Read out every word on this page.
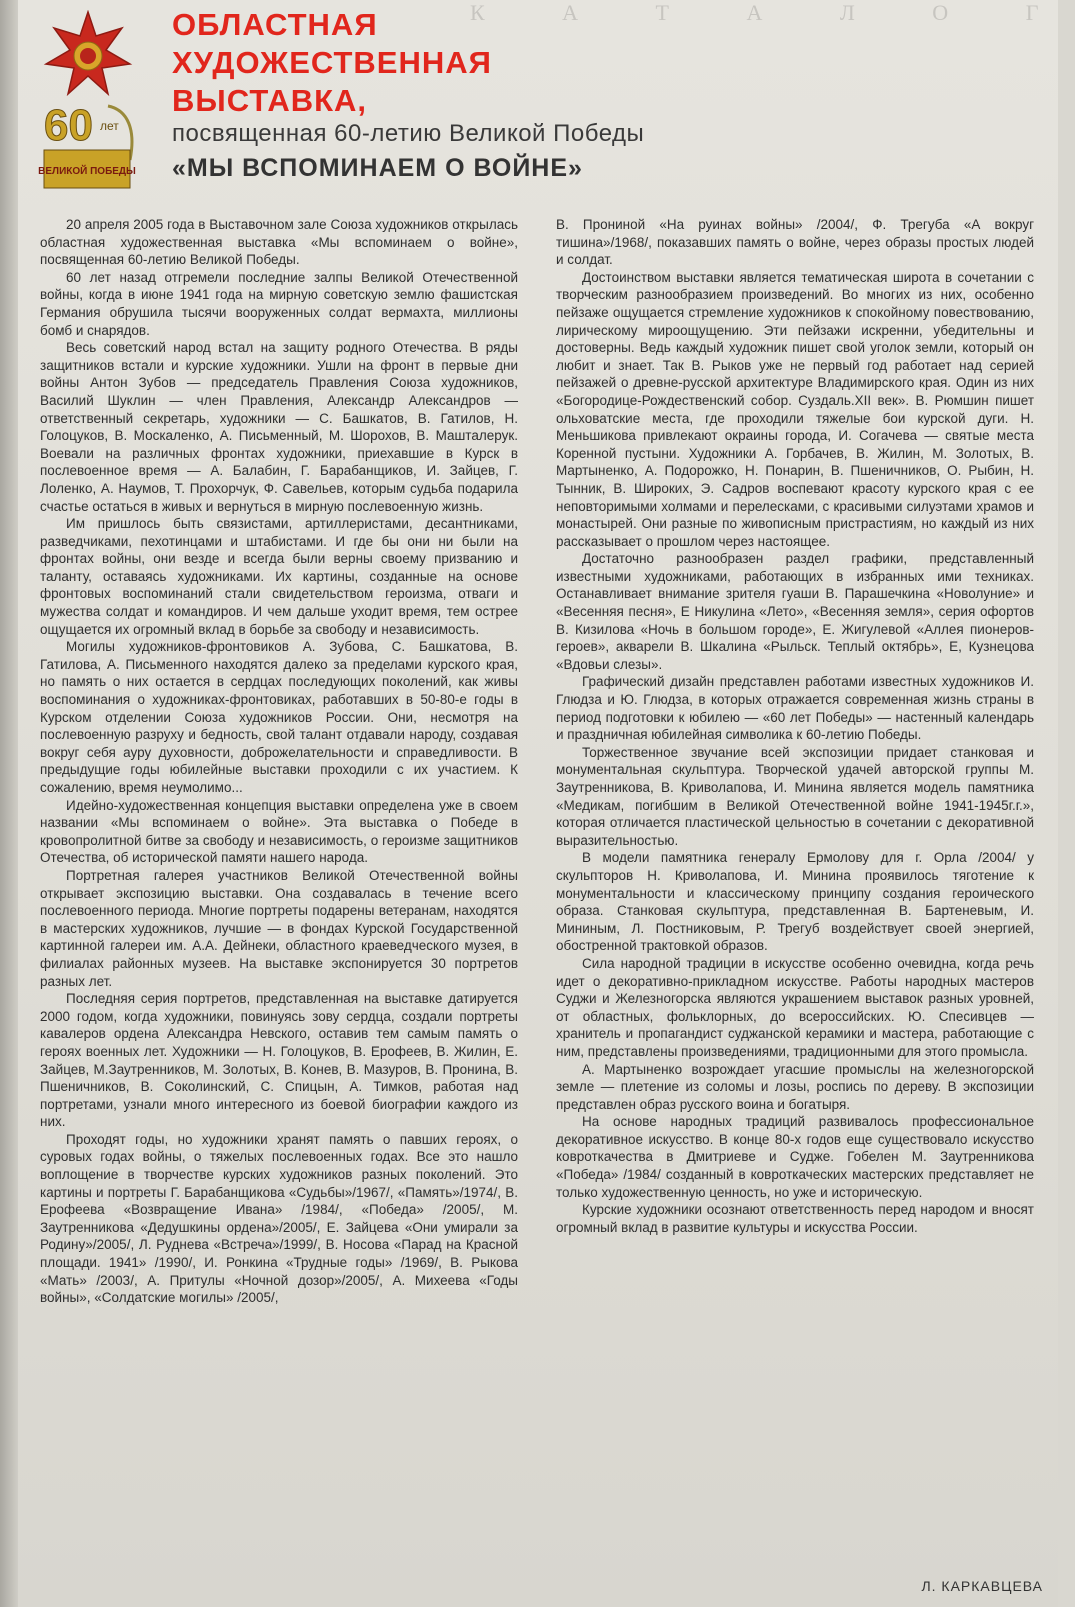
К А Т А Л О Г
60 лет
ВЕЛИКОЙ ПОБЕДЫ
ОБЛАСТНАЯ
ХУДОЖЕСТВЕННАЯ
ВЫСТАВКА,
посвященная 60-летию Великой Победы
«МЫ ВСПОМИНАЕМ О ВОЙНЕ»

20 апреля 2005 года в Выставочном зале Союза художников открылась областная художественная выставка «Мы вспоминаем о войне», посвященная 60-летию Великой Победы.

60 лет назад отгремели последние залпы Великой Отечественной войны, когда в июне 1941 года на мирную советскую землю фашистская Германия обрушила тысячи вооруженных солдат вермахта, миллионы бомб и снарядов.

Весь советский народ встал на защиту родного Отечества. В ряды защитников встали и курские художники. Ушли на фронт в первые дни войны Антон Зубов — председатель Правления Союза художников, Василий Шуклин — член Правления, Александр Александров — ответственный секретарь, художники — С. Башкатов, В. Гатилов, Н. Голоцуков, В. Москаленко, А. Письменный, М. Шорохов, В. Машталерук. Воевали на различных фронтах художники, приехавшие в Курск в послевоенное время — А. Балабин, Г. Барабанщиков, И. Зайцев, Г. Лоленко, А. Наумов, Т. Прохорчук, Ф. Савельев, которым судьба подарила счастье остаться в живых и вернуться в мирную послевоенную жизнь.

Им пришлось быть связистами, артиллеристами, десантниками, разведчиками, пехотинцами и штабистами. И где бы они ни были на фронтах войны, они везде и всегда были верны своему призванию и таланту, оставаясь художниками. Их картины, созданные на основе фронтовых воспоминаний стали свидетельством героизма, отваги и мужества солдат и командиров. И чем дальше уходит время, тем острее ощущается их огромный вклад в борьбе за свободу и независимость.

Могилы художников-фронтовиков А. Зубова, С. Башкатова, В. Гатилова, А. Письменного находятся далеко за пределами курского края, но память о них остается в сердцах последующих поколений, как живы воспоминания о художниках-фронтовиках, работавших в 50-80-е годы в Курском отделении Союза художников России. Они, несмотря на послевоенную разруху и бедность, свой талант отдавали народу, создавая вокруг себя ауру духовности, доброжелательности и справедливости. В предыдущие годы юбилейные выставки проходили с их участием. К сожалению, время неумолимо...

Идейно-художественная концепция выставки определена уже в своем названии «Мы вспоминаем о войне». Эта выставка о Победе в кровопролитной битве за свободу и независимость, о героизме защитников Отечества, об исторической памяти нашего народа.

Портретная галерея участников Великой Отечественной войны открывает экспозицию выставки. Она создавалась в течение всего послевоенного периода. Многие портреты подарены ветеранам, находятся в мастерских художников, лучшие — в фондах Курской Государственной картинной галереи им. А.А. Дейнеки, областного краеведческого музея, в филиалах районных музеев. На выставке экспонируется 30 портретов разных лет.

Последняя серия портретов, представленная на выставке датируется 2000 годом, когда художники, повинуясь зову сердца, создали портреты кавалеров ордена Александра Невского, оставив тем самым память о героях военных лет. Художники — Н. Голоцуков, В. Ерофеев, В. Жилин, Е. Зайцев, М.Заутренников, М. Золотых, В. Конев, В. Мазуров, В. Пронина, В. Пшеничников, В. Соколинский, С. Спицын, А. Тимков, работая над портретами, узнали много интересного из боевой биографии каждого из них.

Проходят годы, но художники хранят память о павших героях, о суровых годах войны, о тяжелых послевоенных годах. Все это нашло воплощение в творчестве курских художников разных поколений. Это картины и портреты Г. Барабанщикова «Судьбы»/1967/, «Память»/1974/, В. Ерофеева «Возвращение Ивана» /1984/, «Победа» /2005/, М. Заутренникова «Дедушкины ордена»/2005/, Е. Зайцева «Они умирали за Родину»/2005/, Л. Руднева «Встреча»/1999/, В. Носова «Парад на Красной площади. 1941» /1990/, И. Ронкина «Трудные годы» /1969/, В. Рыкова «Мать» /2003/, А. Притулы «Ночной дозор»/2005/, А. Михеева «Годы войны», «Солдатские могилы» /2005/,

В. Прониной «На руинах войны» /2004/, Ф. Трегуба «А вокруг тишина»/1968/, показавших память о войне, через образы простых людей и солдат.

Достоинством выставки является тематическая широта в сочетании с творческим разнообразием произведений. Во многих из них, особенно пейзаже ощущается стремление художников к спокойному повествованию, лирическому мироощущению. Эти пейзажи искренни, убедительны и достоверны. Ведь каждый художник пишет свой уголок земли, который он любит и знает. Так В. Рыков уже не первый год работает над серией пейзажей о древне-русской архитектуре Владимирского края. Один из них «Богородице-Рождественский собор. Суздаль.XII век». В. Рюмшин пишет ольховатские места, где проходили тяжелые бои курской дуги. Н. Меньшикова привлекают окраины города, И. Согачева — святые места Коренной пустыни. Художники А. Горбачев, В. Жилин, М. Золотых, В. Мартыненко, А. Подорожко, Н. Понарин, В. Пшеничников, О. Рыбин, Н. Тынник, В. Широких, Э. Садров воспевают красоту курского края с ее неповторимыми холмами и перелесками, с красивыми силуэтами храмов и монастырей. Они разные по живописным пристрастиям, но каждый из них рассказывает о прошлом через настоящее.

Достаточно разнообразен раздел графики, представленный известными художниками, работающих в избранных ими техниках. Останавливает внимание зрителя гуаши В. Парашечкина «Новолуние» и «Весенняя песня», Е Никулина «Лето», «Весенняя земля», серия офортов В. Кизилова «Ночь в большом городе», Е. Жигулевой «Аллея пионеров-героев», акварели В. Шкалина «Рыльск. Теплый октябрь», Е, Кузнецова «Вдовьи слезы».

Графический дизайн представлен работами известных художников И. Глюдза и Ю. Глюдза, в которых отражается современная жизнь страны в период подготовки к юбилею — «60 лет Победы» — настенный календарь и праздничная юбилейная символика к 60-летию Победы.

Торжественное звучание всей экспозиции придает станковая и монументальная скульптура. Творческой удачей авторской группы М. Заутренникова, В. Криволапова, И. Минина является модель памятника «Медикам, погибшим в Великой Отечественной войне 1941-1945г.г.», которая отличается пластической цельностью в сочетании с декоративной выразительностью.

В модели памятника генералу Ермолову для г. Орла /2004/ у скульпторов Н. Криволапова, И. Минина проявилось тяготение к монументальности и классическому принципу создания героического образа. Станковая скульптура, представленная В. Бартеневым, И. Мининым, Л. Постниковым, Р. Трегуб воздействует своей энергией, обостренной трактовкой образов.

Сила народной традиции в искусстве особенно очевидна, когда речь идет о декоративно-прикладном искусстве. Работы народных мастеров Суджи и Железногорска являются украшением выставок разных уровней, от областных, фольклорных, до всероссийских. Ю. Спесивцев — хранитель и пропагандист суджанской керамики и мастера, работающие с ним, представлены произведениями, традиционными для этого промысла.

А. Мартыненко возрождает угасшие промыслы на железногорской земле — плетение из соломы и лозы, роспись по дереву. В экспозиции представлен образ русского воина и богатыря.

На основе народных традиций развивалось профессиональное декоративное искусство. В конце 80-х годов еще существовало искусство ковроткачества в Дмитриеве и Судже. Гобелен М. Заутренникова «Победа» /1984/ созданный в ковроткаческих мастерских представляет не только художественную ценность, но уже и историческую.

Курские художники осознают ответственность перед народом и вносят огромный вклад в развитие культуры и искусства России.

Л. КАРКАВЦЕВА
